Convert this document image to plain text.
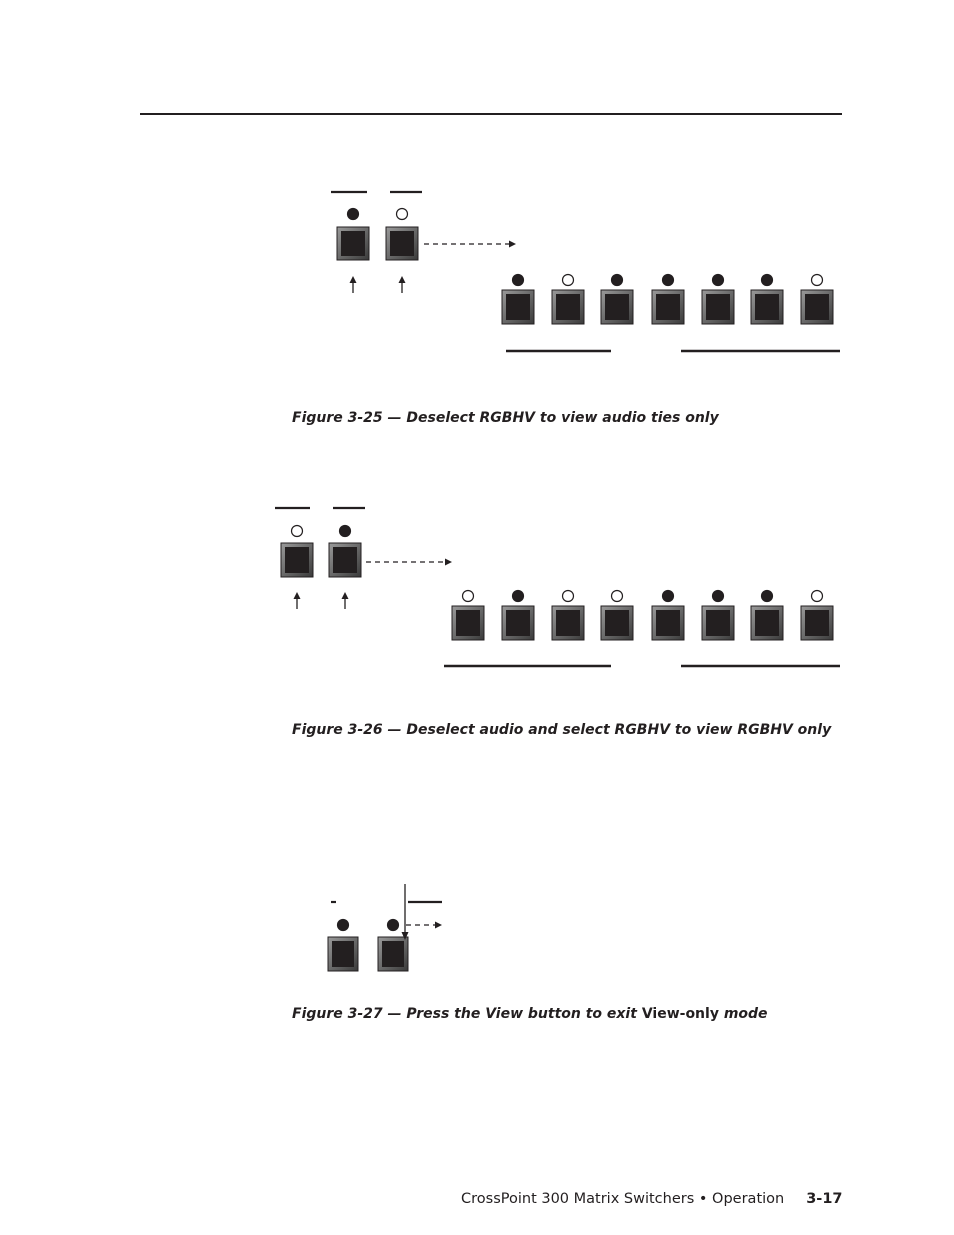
Figure 3-25 — Deselect RGBHV to view audio ties only
Figure 3-26 — Deselect audio and select RGBHV to view RGBHV only
Figure 3-27 — Press the View button to exit View-only mode
CrossPoint 300 Matrix Switchers • Operation 3-17
